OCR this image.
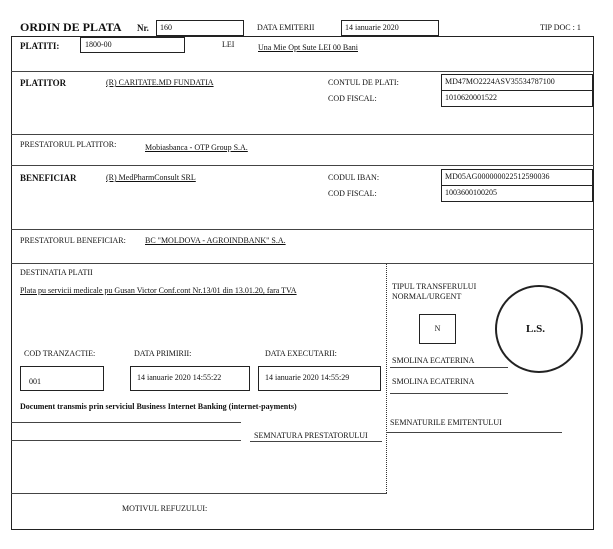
ORDIN DE PLATA Nr.	160	DATA EMITERII	14 ianuarie 2020	TIP DOC : 1
PLATITI:	1800-00	LEI	Una Mie Opt Sute LEI 00 Bani
PLATITOR	(R) CARITATE.MD FUNDATIA	CONTUL DE PLATI:	MD47MO2224ASV35534787100
COD FISCAL:	1010620001522
PRESTATORUL PLATITOR:	Mobiasbanca - OTP Group S.A.
BENEFICIAR	(R) MedPharmConsult SRL	CODUL IBAN:	MD05AG000000022512590036
COD FISCAL:	1003600100205
PRESTATORUL BENEFICIAR: BC "MOLDOVA - AGROINDBANK" S.A.
DESTINATIA PLATII
Plata pu servicii medicale pu Gusan Victor Conf.cont Nr.13/01 din 13.01.20, fara TVA	TIPUL TRANSFERULUI NORMAL/URGENT
N	L.S.
COD TRANZACTIE:	DATA PRIMIRII:	DATA EXECUTARII:
001	14 ianuarie 2020 14:55:22	14 ianuarie 2020 14:55:29
SMOLINA ECATERINA
SMOLINA ECATERINA
Document transmis prin serviciul Business Internet Banking (internet-payments)
SEMNATURILE EMITENTULUI
SEMNATURA PRESTATORULUI
MOTIVUL REFUZULUI:
